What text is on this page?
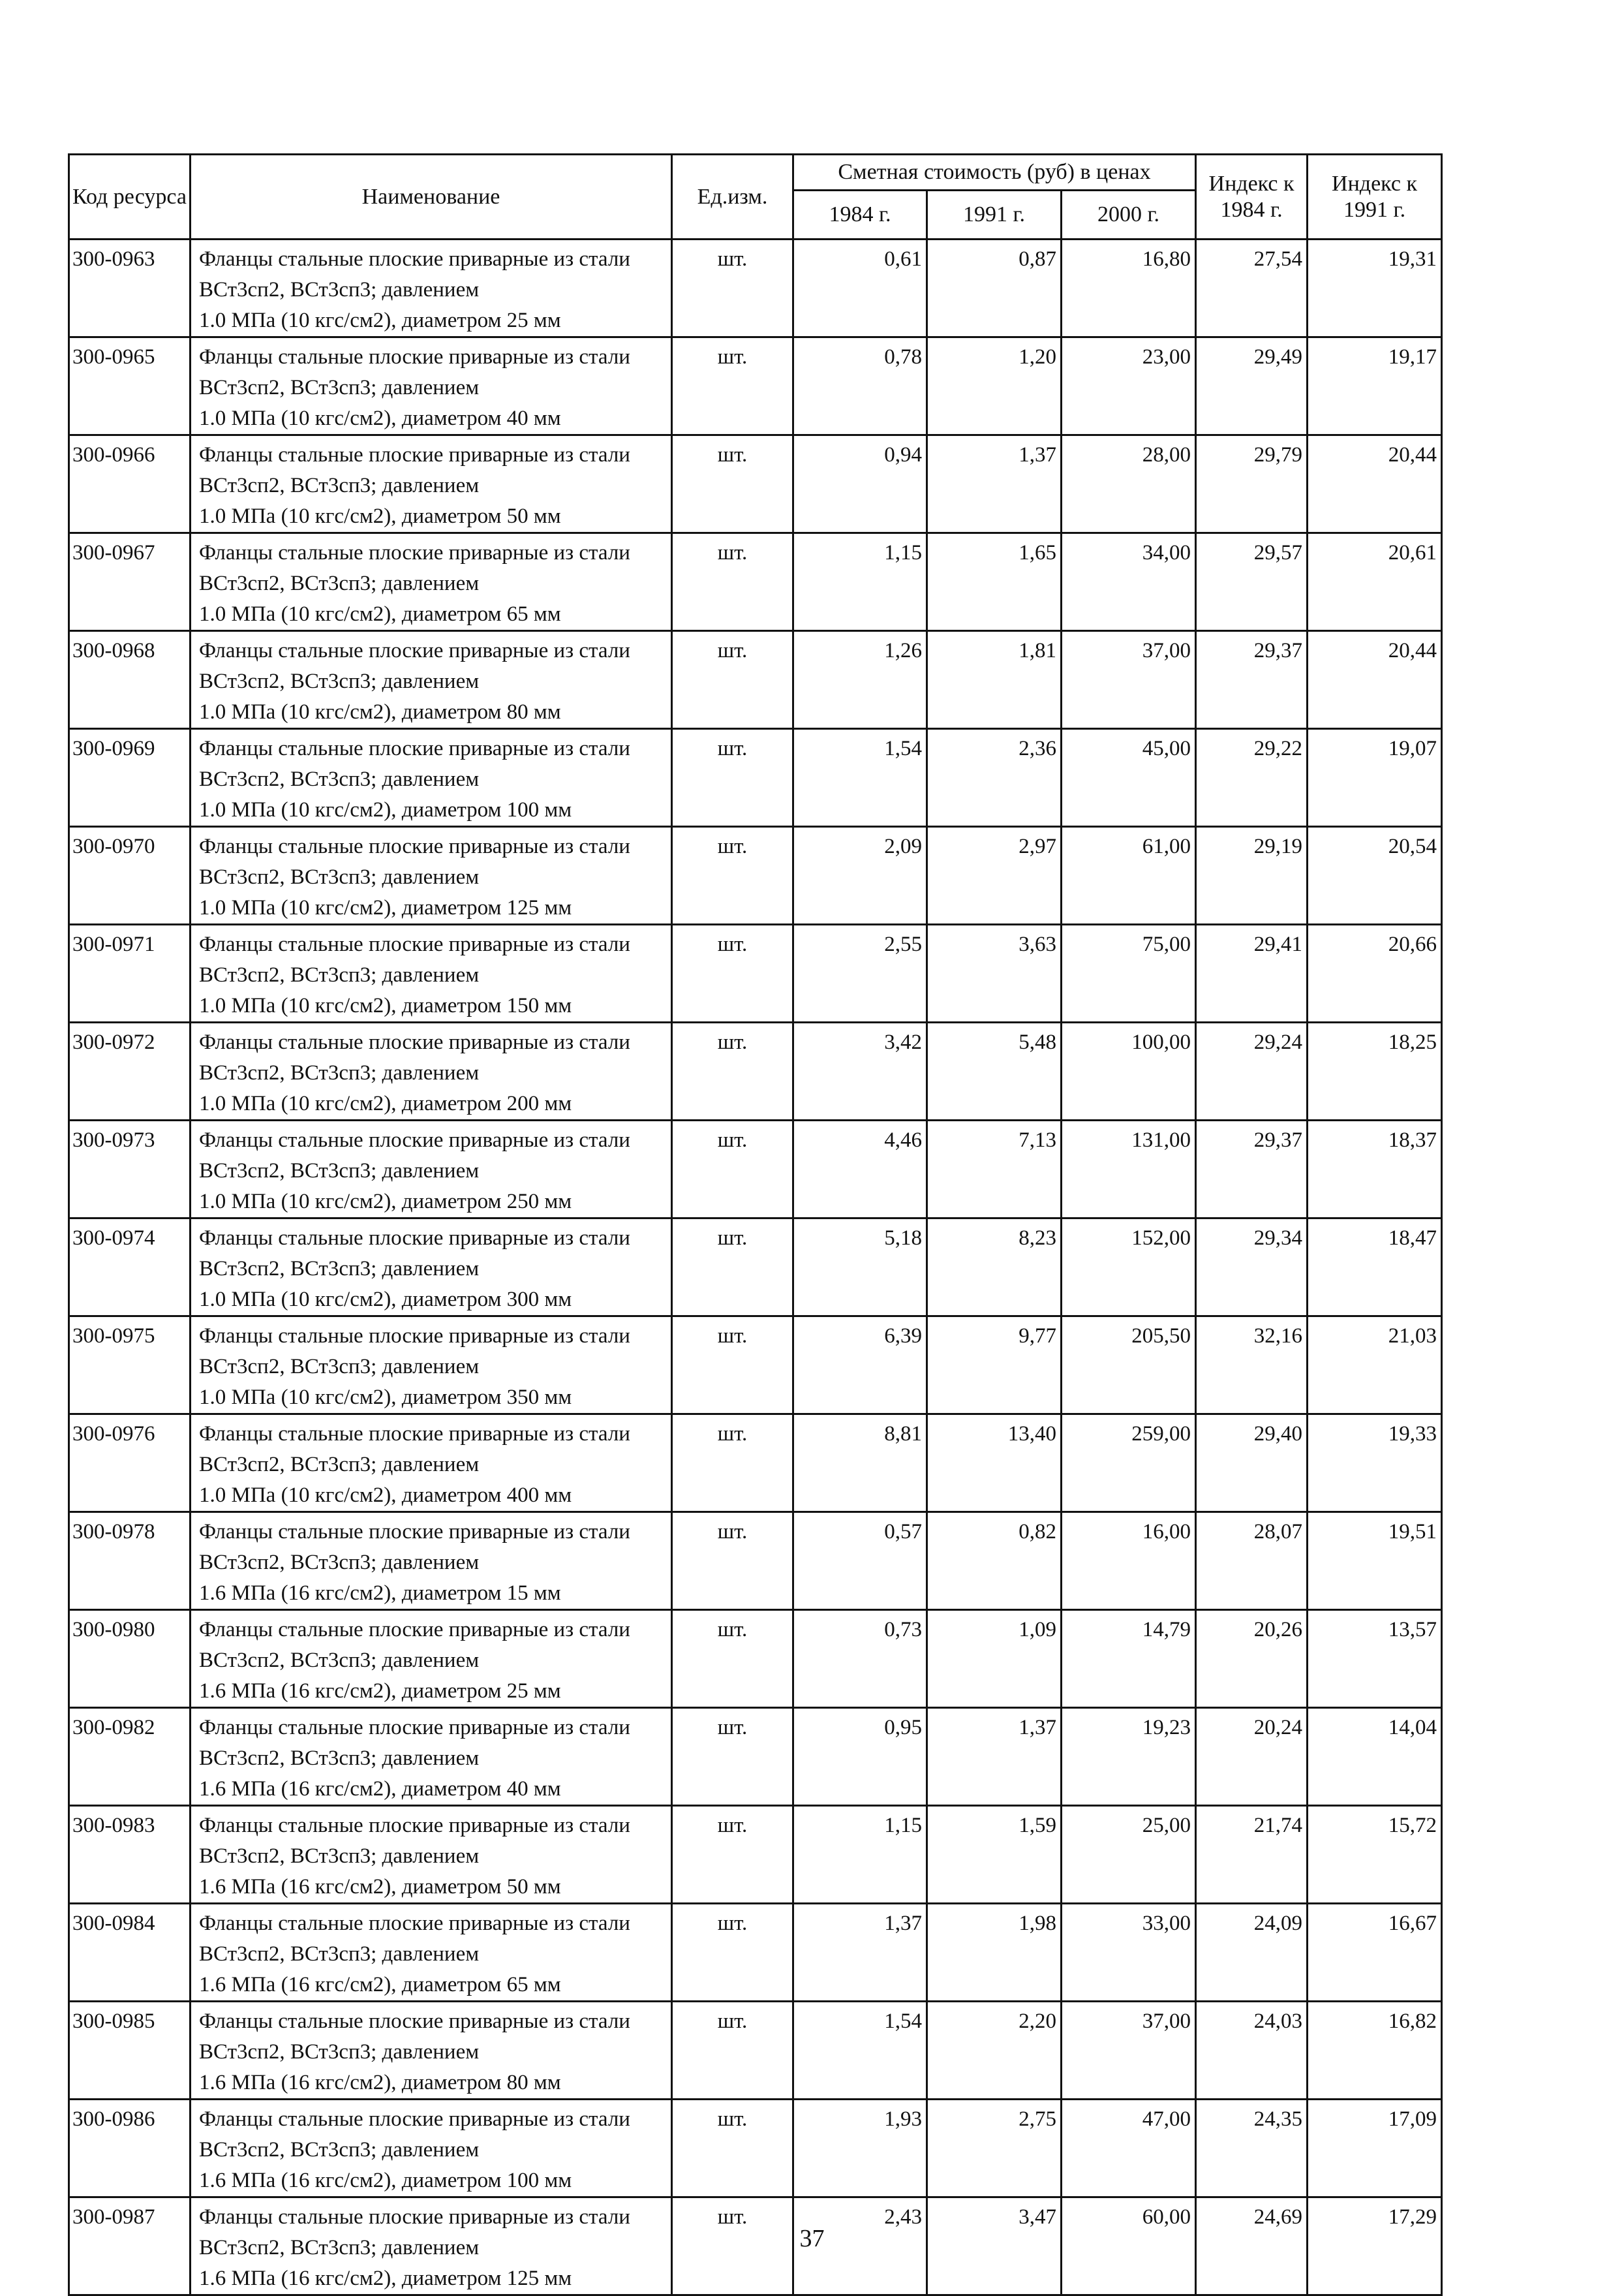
Код ресурса	Наименование	Ед.изм.	Сметная стоимость (руб) в ценах			Индекс к 1984 г.	Индекс к 1991 г.
			1984 г.	1991 г.	2000 г.		
300-0963	Фланцы стальные плоские приварные из стали
ВСт3сп2, ВСт3сп3; давлением
1.0 МПа (10 кгс/см2), диаметром 25 мм	шт.	0,61	0,87	16,80	27,54	19,31
300-0965	Фланцы стальные плоские приварные из стали
ВСт3сп2, ВСт3сп3; давлением
1.0 МПа (10 кгс/см2), диаметром 40 мм	шт.	0,78	1,20	23,00	29,49	19,17
300-0966	Фланцы стальные плоские приварные из стали
ВСт3сп2, ВСт3сп3; давлением
1.0 МПа (10 кгс/см2), диаметром 50 мм	шт.	0,94	1,37	28,00	29,79	20,44
300-0967	Фланцы стальные плоские приварные из стали
ВСт3сп2, ВСт3сп3; давлением
1.0 МПа (10 кгс/см2), диаметром 65 мм	шт.	1,15	1,65	34,00	29,57	20,61
300-0968	Фланцы стальные плоские приварные из стали
ВСт3сп2, ВСт3сп3; давлением
1.0 МПа (10 кгс/см2), диаметром 80 мм	шт.	1,26	1,81	37,00	29,37	20,44
300-0969	Фланцы стальные плоские приварные из стали
ВСт3сп2, ВСт3сп3; давлением
1.0 МПа (10 кгс/см2), диаметром 100 мм	шт.	1,54	2,36	45,00	29,22	19,07
300-0970	Фланцы стальные плоские приварные из стали
ВСт3сп2, ВСт3сп3; давлением
1.0 МПа (10 кгс/см2), диаметром 125 мм	шт.	2,09	2,97	61,00	29,19	20,54
300-0971	Фланцы стальные плоские приварные из стали
ВСт3сп2, ВСт3сп3; давлением
1.0 МПа (10 кгс/см2), диаметром 150 мм	шт.	2,55	3,63	75,00	29,41	20,66
300-0972	Фланцы стальные плоские приварные из стали
ВСт3сп2, ВСт3сп3; давлением
1.0 МПа (10 кгс/см2), диаметром 200 мм	шт.	3,42	5,48	100,00	29,24	18,25
300-0973	Фланцы стальные плоские приварные из стали
ВСт3сп2, ВСт3сп3; давлением
1.0 МПа (10 кгс/см2), диаметром 250 мм	шт.	4,46	7,13	131,00	29,37	18,37
300-0974	Фланцы стальные плоские приварные из стали
ВСт3сп2, ВСт3сп3; давлением
1.0 МПа (10 кгс/см2), диаметром 300 мм	шт.	5,18	8,23	152,00	29,34	18,47
300-0975	Фланцы стальные плоские приварные из стали
ВСт3сп2, ВСт3сп3; давлением
1.0 МПа (10 кгс/см2), диаметром 350 мм	шт.	6,39	9,77	205,50	32,16	21,03
300-0976	Фланцы стальные плоские приварные из стали
ВСт3сп2, ВСт3сп3; давлением
1.0 МПа (10 кгс/см2), диаметром 400 мм	шт.	8,81	13,40	259,00	29,40	19,33
300-0978	Фланцы стальные плоские приварные из стали
ВСт3сп2, ВСт3сп3; давлением
1.6 МПа (16 кгс/см2), диаметром 15 мм	шт.	0,57	0,82	16,00	28,07	19,51
300-0980	Фланцы стальные плоские приварные из стали
ВСт3сп2, ВСт3сп3; давлением
1.6 МПа (16 кгс/см2), диаметром 25 мм	шт.	0,73	1,09	14,79	20,26	13,57
300-0982	Фланцы стальные плоские приварные из стали
ВСт3сп2, ВСт3сп3; давлением
1.6 МПа (16 кгс/см2), диаметром 40 мм	шт.	0,95	1,37	19,23	20,24	14,04
300-0983	Фланцы стальные плоские приварные из стали
ВСт3сп2, ВСт3сп3; давлением
1.6 МПа (16 кгс/см2), диаметром 50 мм	шт.	1,15	1,59	25,00	21,74	15,72
300-0984	Фланцы стальные плоские приварные из стали
ВСт3сп2, ВСт3сп3; давлением
1.6 МПа (16 кгс/см2), диаметром 65 мм	шт.	1,37	1,98	33,00	24,09	16,67
300-0985	Фланцы стальные плоские приварные из стали
ВСт3сп2, ВСт3сп3; давлением
1.6 МПа (16 кгс/см2), диаметром 80 мм	шт.	1,54	2,20	37,00	24,03	16,82
300-0986	Фланцы стальные плоские приварные из стали
ВСт3сп2, ВСт3сп3; давлением
1.6 МПа (16 кгс/см2), диаметром 100 мм	шт.	1,93	2,75	47,00	24,35	17,09
300-0987	Фланцы стальные плоские приварные из стали
ВСт3сп2, ВСт3сп3; давлением
1.6 МПа (16 кгс/см2), диаметром 125 мм	шт.	2,43	3,47	60,00	24,69	17,29
37
